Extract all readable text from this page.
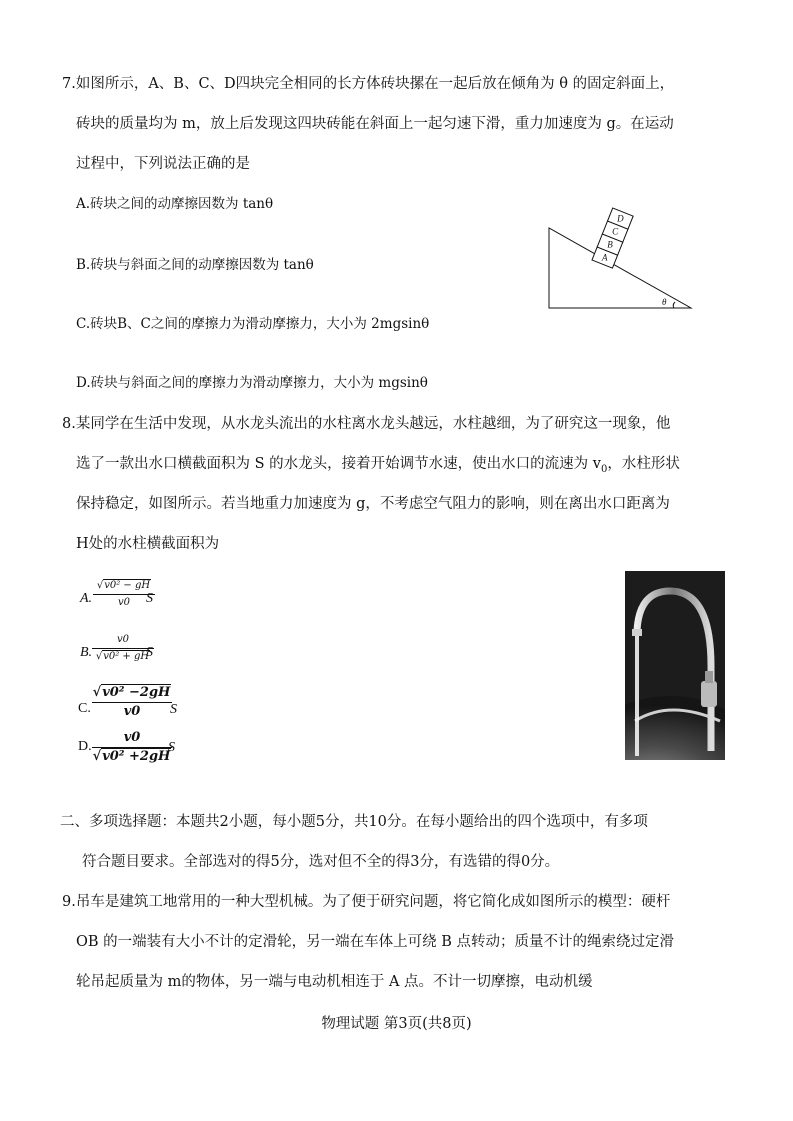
7.如图所示，A、B、C、D四块完全相同的长方体砖块摞在一起后放在倾角为 θ 的固定斜面上，
砖块的质量均为 m，放上后发现这四块砖能在斜面上一起匀速下滑，重力加速度为 g。在运动
过程中，下列说法正确的是
A.砖块之间的动摩擦因数为 tanθ
B.砖块与斜面之间的动摩擦因数为 tanθ
C.砖块B、C之间的摩擦力为滑动摩擦力，大小为 2mgsinθ
D.砖块与斜面之间的摩擦力为滑动摩擦力，大小为 mgsinθ
A
B
C
D
θ
8.某同学在生活中发现，从水龙头流出的水柱离水龙头越远，水柱越细，为了研究这一现象，他
选了一款出水口横截面积为 S 的水龙头，接着开始调节水速，使出水口的流速为 $v_0$，水柱形状
保持稳定，如图所示。若当地重力加速度为 g，不考虑空气阻力的影响，则在离出水口距离为
H处的水柱横截面积为
A.
√v0² − gH
v0	S
B.
v0
√v0² + gH
S
C.
√v0² −2gH
v0	S
D.
v0
√v0² +2gH
S
二、多项选择题：本题共2小题，每小题5分，共10分。在每小题给出的四个选项中，有多项
符合题目要求。全部选对的得5分，选对但不全的得3分，有选错的得0分。
9.吊车是建筑工地常用的一种大型机械。为了便于研究问题，将它简化成如图所示的模型：硬杆
OB 的一端装有大小不计的定滑轮，另一端在车体上可绕 B 点转动；质量不计的绳索绕过定滑
轮吊起质量为 m的物体，另一端与电动机相连于 A 点。不计一切摩擦，电动机缓
物理试题 第3页(共8页)
